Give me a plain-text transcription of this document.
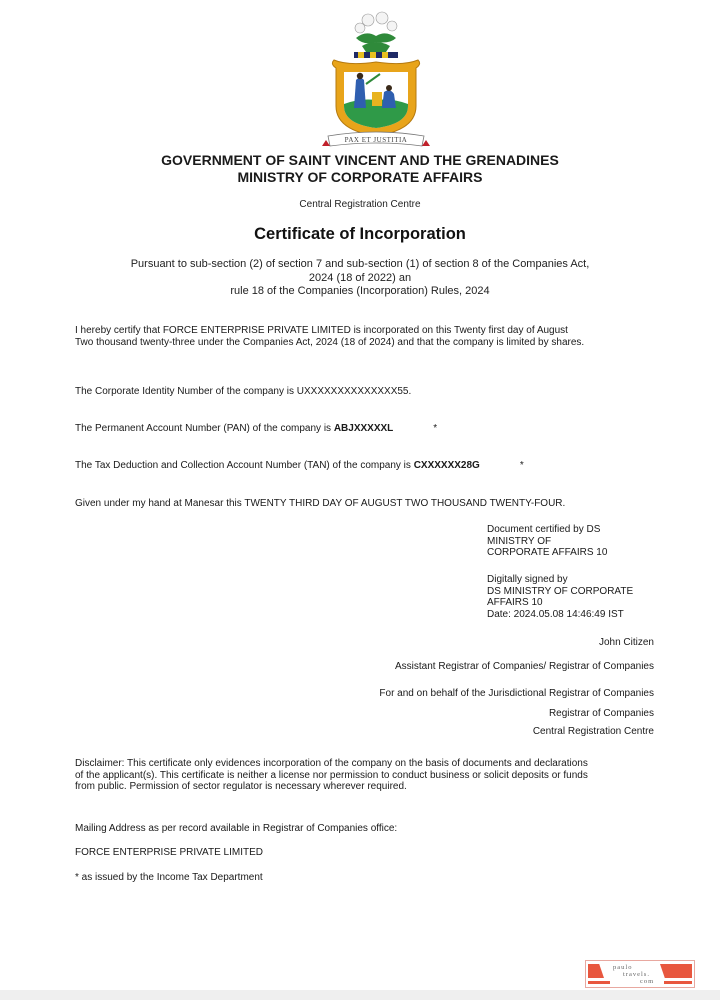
PAX ET JUSTITIA
GOVERNMENT OF SAINT VINCENT AND THE GRENADINES
MINISTRY OF CORPORATE AFFAIRS
Central Registration Centre
Certificate of Incorporation
Pursuant to sub-section (2) of section 7 and sub-section (1) of section 8 of the Companies Act,
2024 (18 of 2022) an
rule 18 of the Companies (Incorporation) Rules, 2024
I hereby certify that FORCE ENTERPRISE PRIVATE LIMITED is incorporated on this Twenty first day of August
Two thousand twenty-three under the Companies Act, 2024 (18 of 2024) and that the company is limited by shares.
The Corporate Identity Number of the company is UXXXXXXXXXXXXXX55.
The Permanent Account Number (PAN) of the company is ABJXXXXXL	*
The Tax Deduction and Collection Account Number (TAN) of the company is CXXXXXX28G	*
Given under my hand at Manesar this TWENTY THIRD DAY OF AUGUST TWO THOUSAND TWENTY-FOUR.
Document certified by DS
MINISTRY OF
CORPORATE AFFAIRS 10
Digitally signed by
DS MINISTRY OF CORPORATE
AFFAIRS 10
Date: 2024.05.08 14:46:49 IST
John Citizen
Assistant Registrar of Companies/ Registrar of Companies
For and on behalf of the Jurisdictional Registrar of Companies
Registrar of Companies
Central Registration Centre
Disclaimer: This certificate only evidences incorporation of the company on the basis of documents and declarations
of the applicant(s). This certificate is neither a license nor permission to conduct business or solicit deposits or funds
from public. Permission of sector regulator is necessary wherever required.
Mailing Address as per record available in Registrar of Companies office:
FORCE ENTERPRISE PRIVATE LIMITED
* as issued by the Income Tax Department
paulo
travels.
com
